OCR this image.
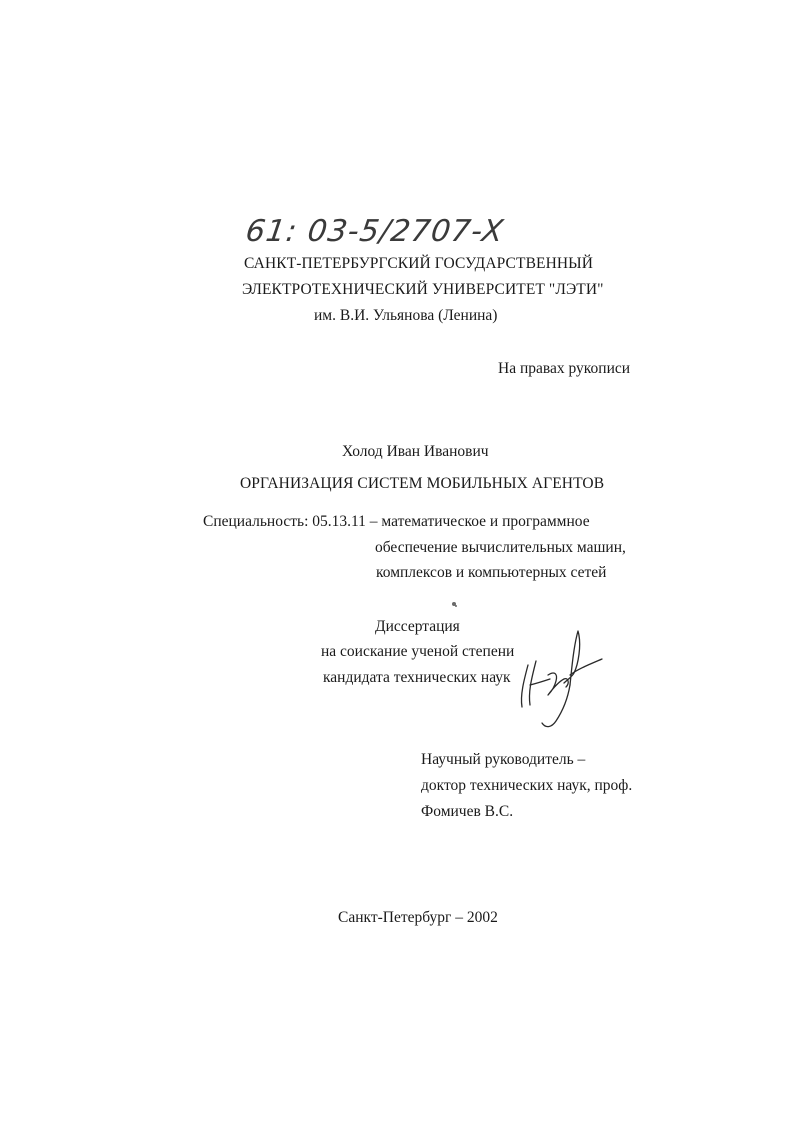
61: 03-5/2707-X

САНКТ-ПЕТЕРБУРГСКИЙ ГОСУДАРСТВЕННЫЙ

ЭЛЕКТРОТЕХНИЧЕСКИЙ УНИВЕРСИТЕТ "ЛЭТИ"

им. В.И. Ульянова (Ленина)

На правах рукописи

Холод Иван Иванович

ОРГАНИЗАЦИЯ СИСТЕМ МОБИЛЬНЫХ АГЕНТОВ

Специальность: 05.13.11 – математическое и программное

обеспечение вычислительных машин,

комплексов и компьютерных сетей

Диссертация

на соискание ученой степени

кандидата технических наук

Научный руководитель –

доктор технических наук, проф.

Фомичев В.С.

Санкт-Петербург – 2002
